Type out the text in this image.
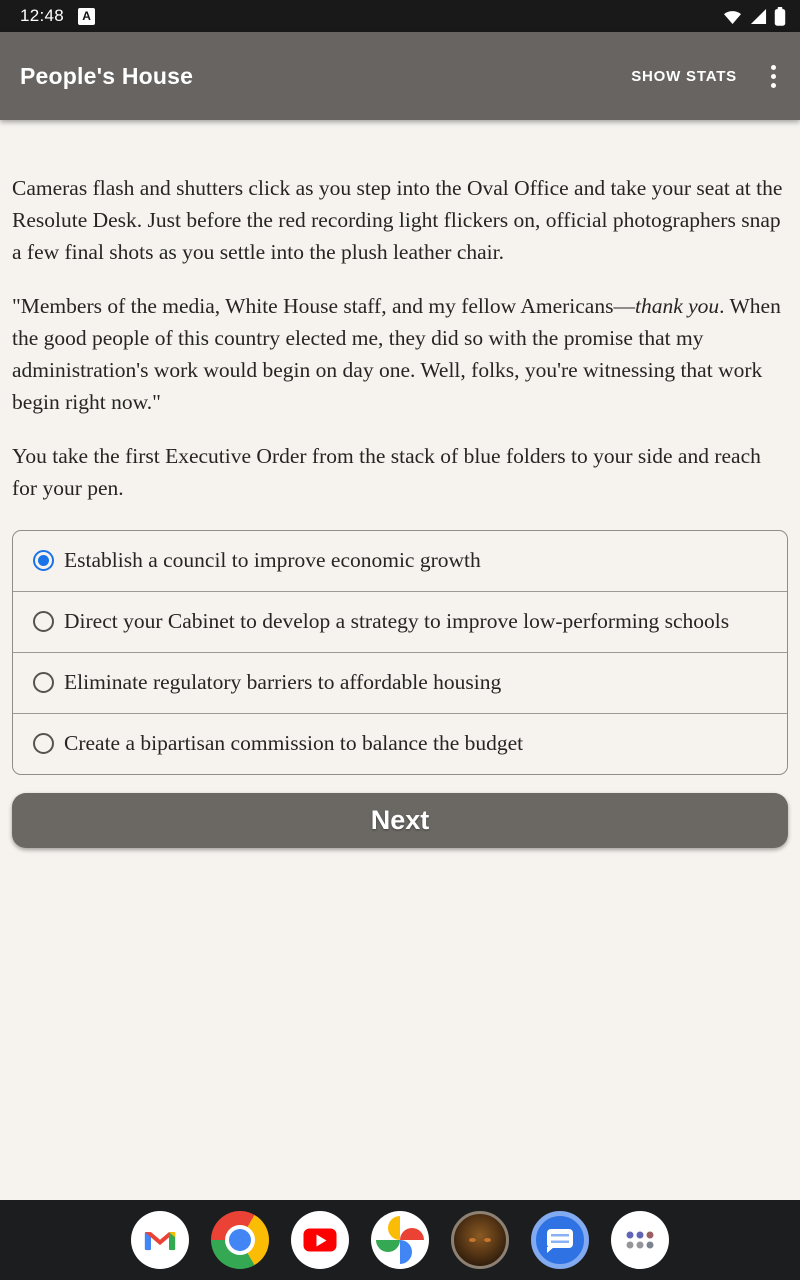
12:48	A
People's House	SHOW STATS

Cameras flash and shutters click as you step into the Oval Office and take your seat at the Resolute Desk. Just before the red recording light flickers on, official photographers snap a few final shots as you settle into the plush leather chair.

"Members of the media, White House staff, and my fellow Americans—thank you. When the good people of this country elected me, they did so with the promise that my administration's work would begin on day one. Well, folks, you're witnessing that work begin right now."

You take the first Executive Order from the stack of blue folders to your side and reach for your pen.

Establish a council to improve economic growth
Direct your Cabinet to develop a strategy to improve low-performing schools
Eliminate regulatory barriers to affordable housing
Create a bipartisan commission to balance the budget
Next
